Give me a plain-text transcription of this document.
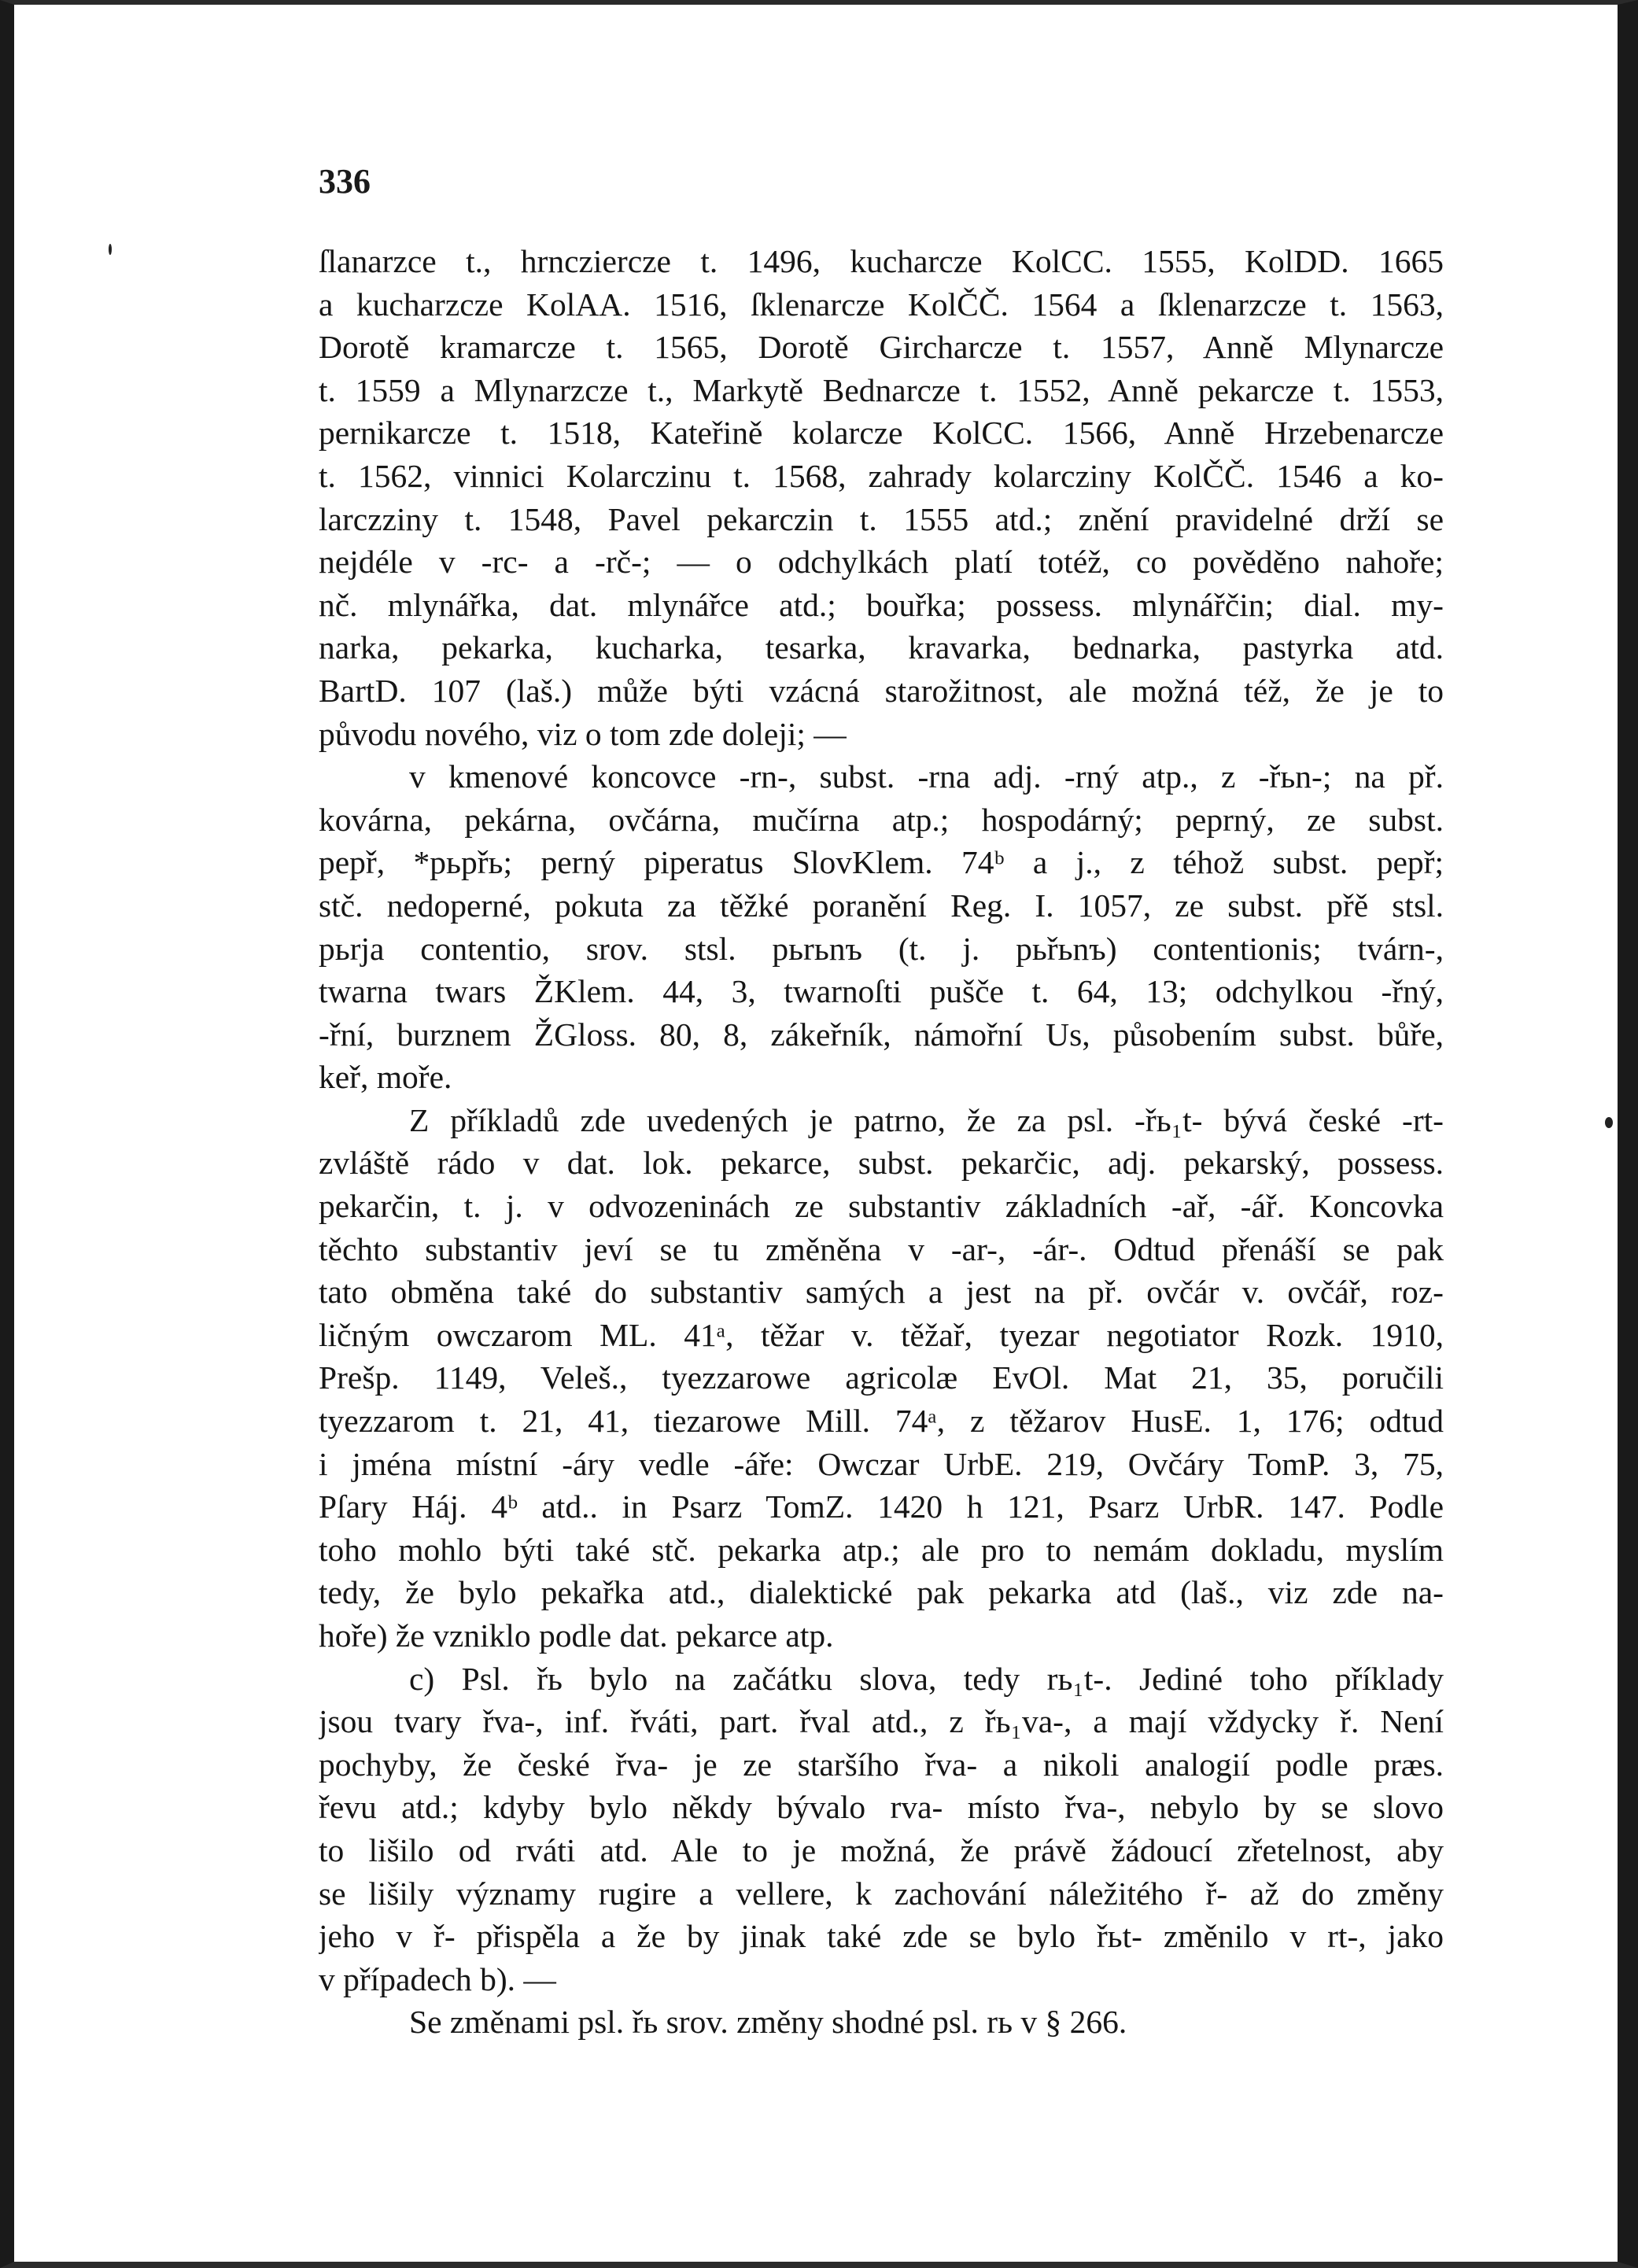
336
ſlanarzce t., hrncziercze t. 1496, kucharcze KolCC. 1555, KolDD. 1665
a kucharzcze KolAA. 1516, ſklenarcze KolČČ. 1564 a ſklenarzcze t. 1563,
Dorotě kramarcze t. 1565, Dorotě Gircharcze t. 1557, Anně Mlynarcze
t. 1559 a Mlynarzcze t., Markytě Bednarcze t. 1552, Anně pekarcze t. 1553,
pernikarcze t. 1518, Kateřině kolarcze KolCC. 1566, Anně Hrzebenarcze
t. 1562, vinnici Kolarczinu t. 1568, zahrady kolarcziny KolČČ. 1546 a ko-
larczziny t. 1548, Pavel pekarczin t. 1555 atd.; znění pravidelné drží se
nejdéle v -rc- a -rč-; — o odchylkách platí totéž, co pověděno nahoře;
nč. mlynářka, dat. mlynářce atd.; bouřka; possess. mlynářčin; dial. my-
narka, pekarka, kucharka, tesarka, kravarka, bednarka, pastyrka atd.
BartD. 107 (laš.) může býti vzácná starožitnost, ale možná též, že je to
původu nového, viz o tom zde doleji; —
v kmenové koncovce -rn-, subst. -rna adj. -rný atp., z -řьn-; na př.
kovárna, pekárna, ovčárna, mučírna atp.; hospodárný; peprný, ze subst.
pepř, *pьpřь; perný piperatus SlovKlem. 74ᵇ a j., z téhož subst. pepř;
stč. nedoperné, pokuta za těžké poranění Reg. I. 1057, ze subst. přě stsl.
pьrja contentio, srov. stsl. pьrьnъ (t. j. pьřьnъ) contentionis; tvárn-,
twarna twars ŽKlem. 44, 3, twarnoſti pušče t. 64, 13; odchylkou -řný,
-řní, burznem ŽGloss. 80, 8, zákeřník, námořní Us, působením subst. bůře,
keř, moře.
Z příkladů zde uvedených je patrno, že za psl. -řь₁t- bývá české -rt-
zvláště rádo v dat. lok. pekarce, subst. pekarčic, adj. pekarský, possess.
pekarčin, t. j. v odvozeninách ze substantiv základních -ař, -ář. Koncovka
těchto substantiv jeví se tu změněna v -ar-, -ár-. Odtud přenáší se pak
tato obměna také do substantiv samých a jest na př. ovčár v. ovčář, roz-
ličným owczarom ML. 41ᵃ, těžar v. těžař, tyezar negotiator Rozk. 1910,
Prešp. 1149, Veleš., tyezzarowe agricolæ EvOl. Mat 21, 35, poručili
tyezzarom t. 21, 41, tiezarowe Mill. 74ᵃ, z těžarov HusE. 1, 176; odtud
i jména místní -áry vedle -áře: Owczar UrbE. 219, Ovčáry TomP. 3, 75,
Pſary Háj. 4ᵇ atd.. in Psarz TomZ. 1420 h 121, Psarz UrbR. 147. Podle
toho mohlo býti také stč. pekarka atp.; ale pro to nemám dokladu, myslím
tedy, že bylo pekařka atd., dialektické pak pekarka atd (laš., viz zde na-
hoře) že vzniklo podle dat. pekarce atp.
c) Psl. řь bylo na začátku slova, tedy rь₁t-. Jediné toho příklady
jsou tvary řva-, inf. řváti, part. řval atd., z řь₁va-, a mají vždycky ř. Není
pochyby, že české řva- je ze staršího řva- a nikoli analogií podle præs.
řevu atd.; kdyby bylo někdy bývalo rva- místo řva-, nebylo by se slovo
to lišilo od rváti atd. Ale to je možná, že právě žádoucí zřetelnost, aby
se lišily významy rugire a vellere, k zachování náležitého ř- až do změny
jeho v ř- přispěla a že by jinak také zde se bylo řьt- změnilo v rt-, jako
v případech b). —
Se změnami psl. řь srov. změny shodné psl. rь v § 266.
